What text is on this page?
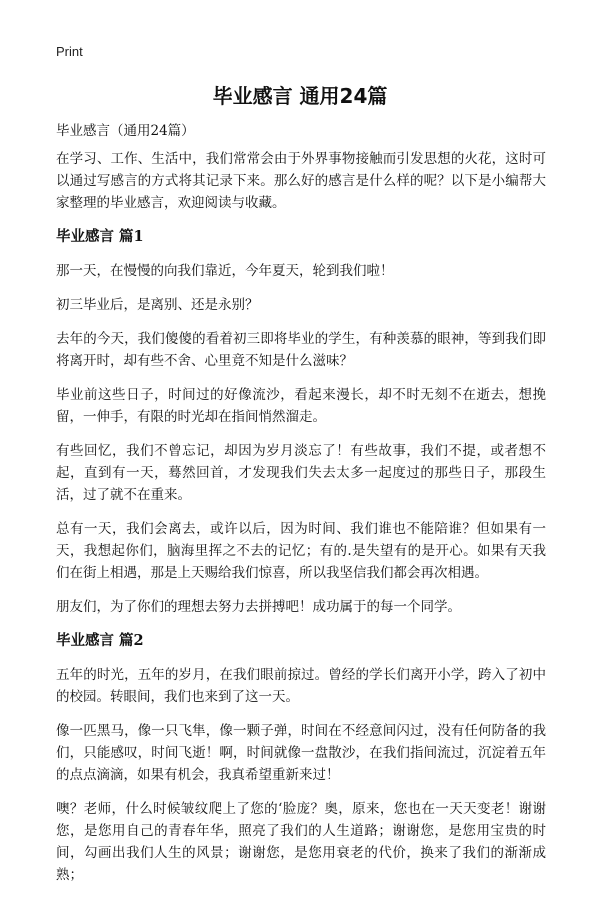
Print
毕业感言 通用24篇

毕业感言（通用24篇）

在学习、工作、生活中，我们常常会由于外界事物接触而引发思想的火花，这时可以通过写感言的方式将其记录下来。那么好的感言是什么样的呢？以下是小编帮大家整理的毕业感言，欢迎阅读与收藏。

毕业感言 篇1

那一天，在慢慢的向我们靠近，今年夏天，轮到我们啦！

初三毕业后，是离别、还是永别？

去年的今天，我们傻傻的看着初三即将毕业的学生，有种羡慕的眼神，等到我们即将离开时，却有些不舍、心里竟不知是什么滋味？

毕业前这些日子，时间过的好像流沙，看起来漫长，却不时无刻不在逝去，想挽留，一伸手，有限的时光却在指间悄然溜走。

有些回忆，我们不曾忘记，却因为岁月淡忘了！有些故事，我们不提，或者想不起，直到有一天，蓦然回首，才发现我们失去太多一起度过的那些日子，那段生活，过了就不在重来。

总有一天，我们会离去，或许以后，因为时间、我们谁也不能陪谁？但如果有一天，我想起你们，脑海里挥之不去的记忆；有的.是失望有的是开心。如果有天我们在街上相遇，那是上天赐给我们惊喜，所以我坚信我们都会再次相遇。

朋友们，为了你们的理想去努力去拼搏吧！成功属于的每一个同学。

毕业感言 篇2

五年的时光，五年的岁月，在我们眼前掠过。曾经的学长们离开小学，跨入了初中的校园。转眼间，我们也来到了这一天。

像一匹黑马，像一只飞隼，像一颗子弹，时间在不经意间闪过，没有任何防备的我们，只能感叹，时间飞逝！啊，时间就像一盘散沙，在我们指间流过，沉淀着五年的点点滴滴，如果有机会，我真希望重新来过！

噢？老师，什么时候皱纹爬上了您的‘脸庞？奥，原来，您也在一天天变老！谢谢您，是您用自己的青春年华，照亮了我们的人生道路；谢谢您，是您用宝贵的时间，勾画出我们人生的风景；谢谢您，是您用衰老的代价，换来了我们的渐渐成熟；
